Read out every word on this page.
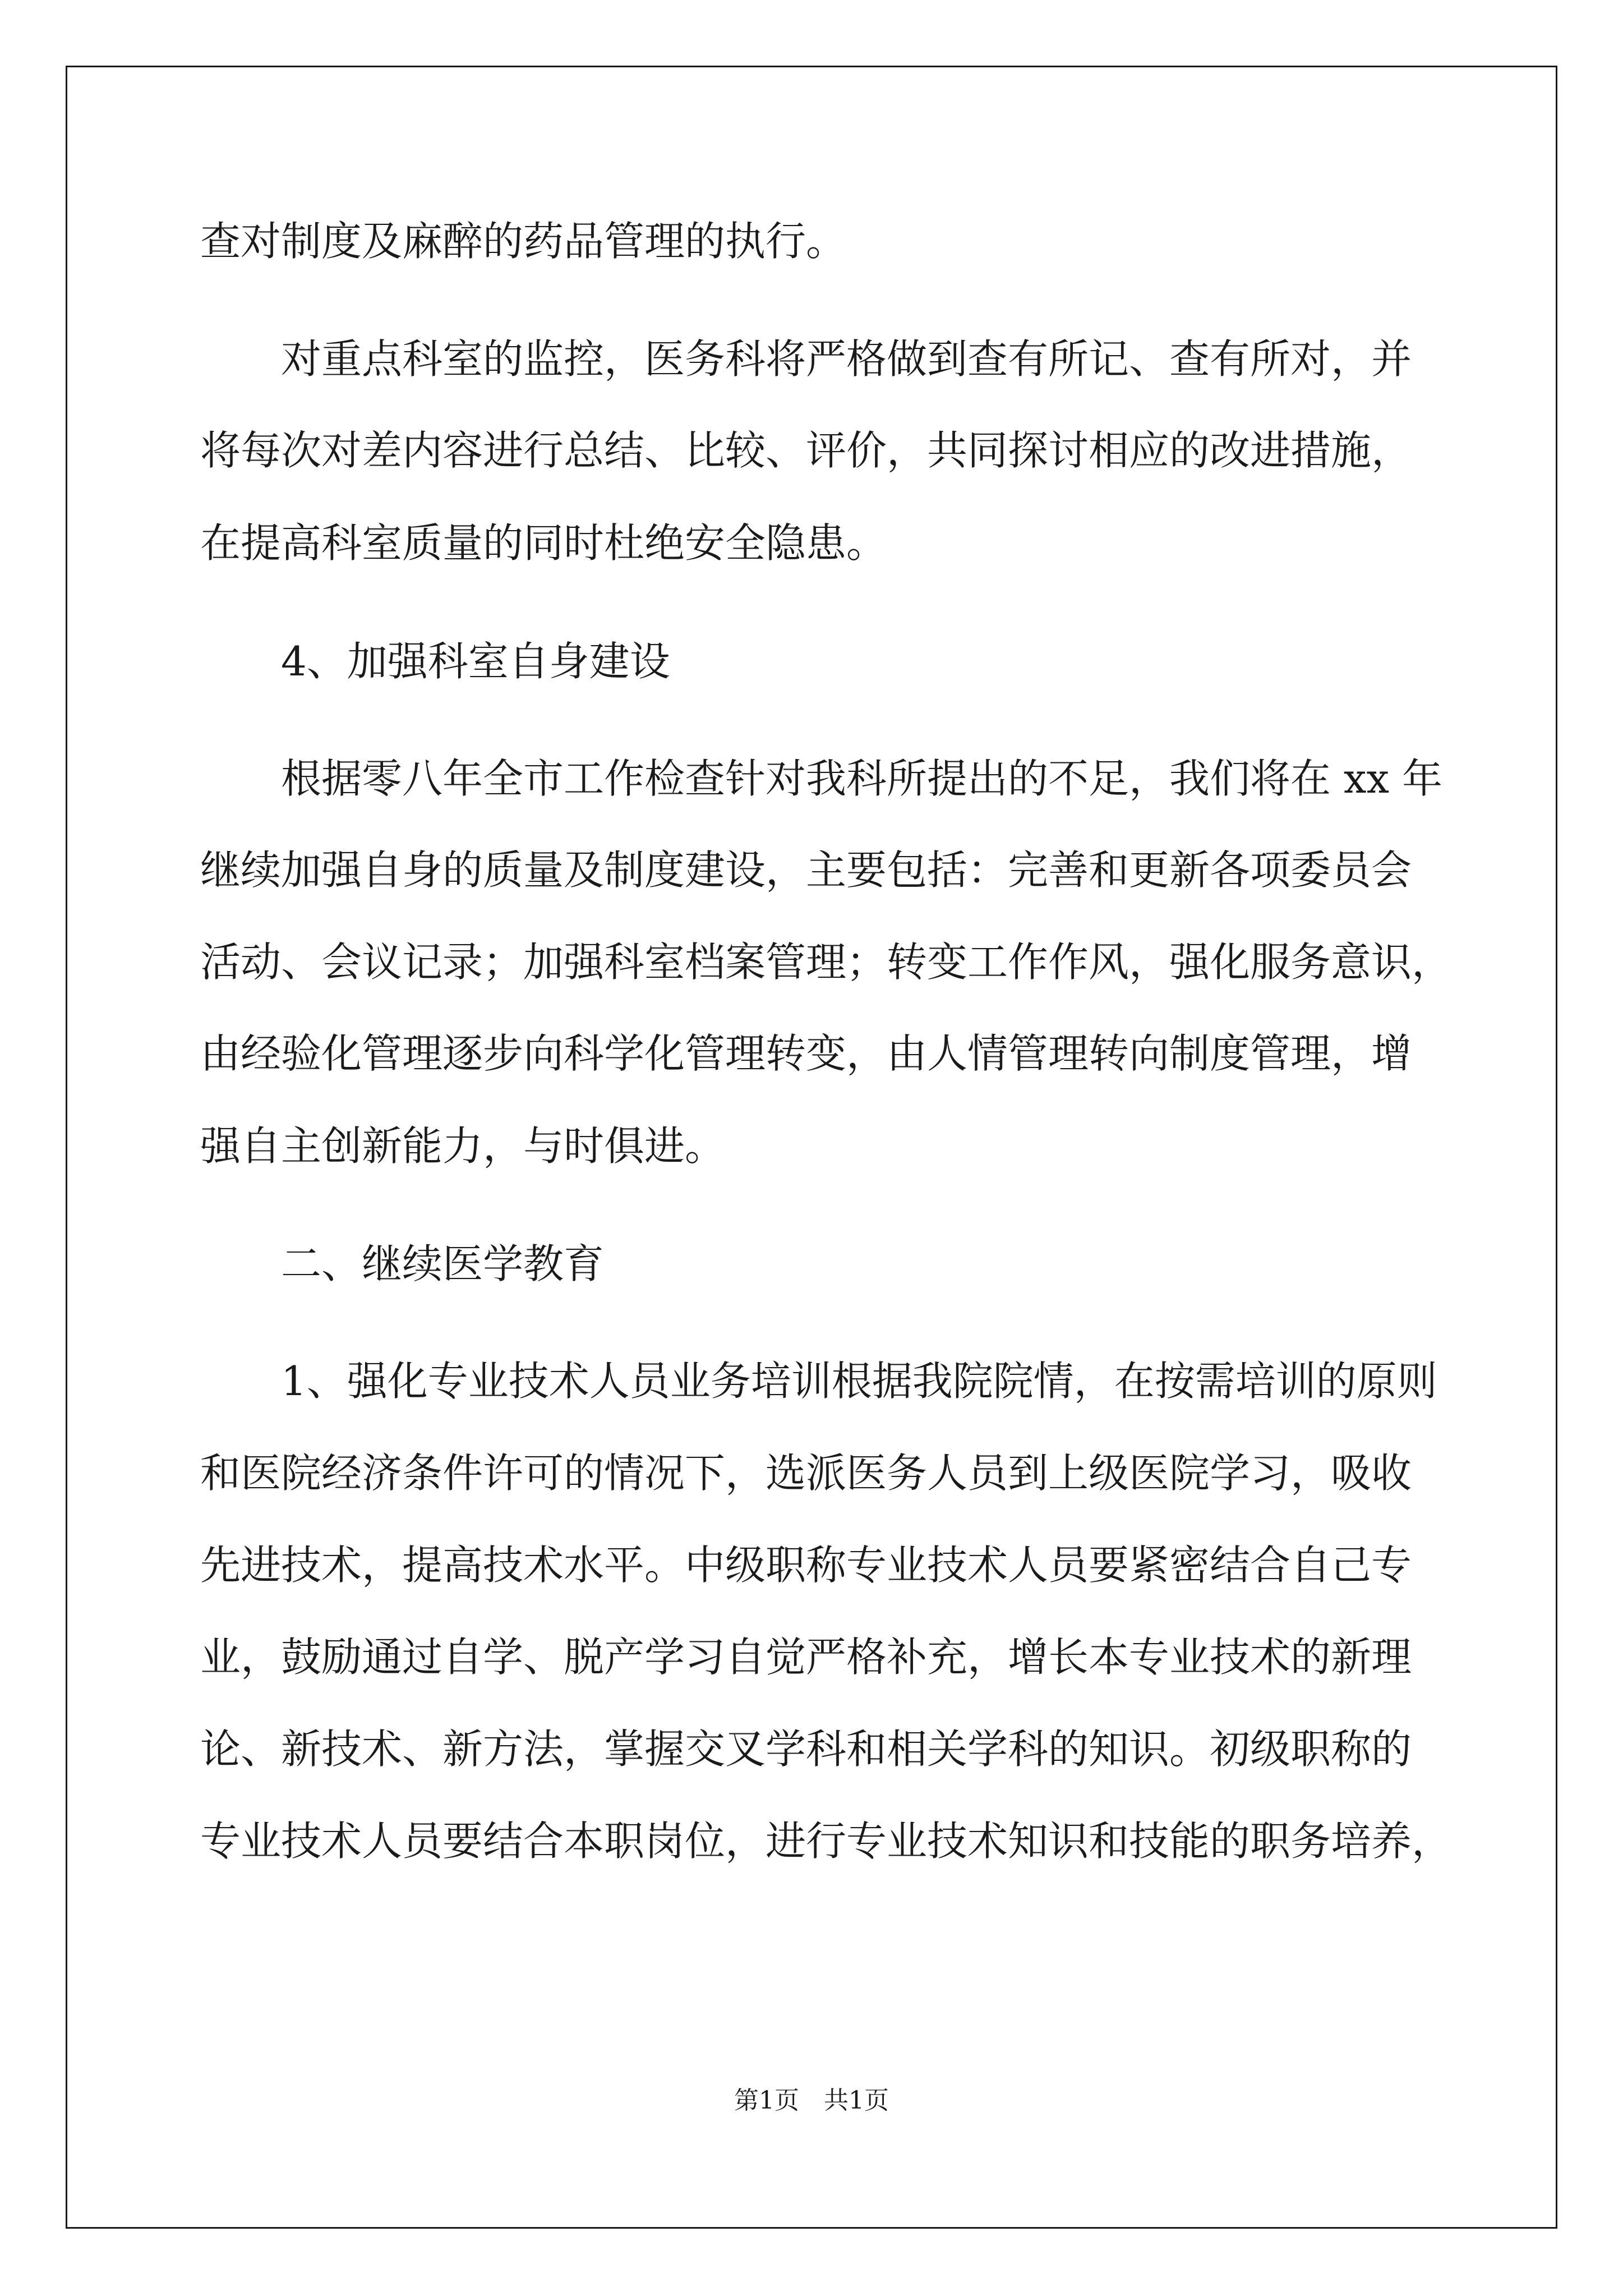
查对制度及麻醉的药品管理的执行。

对重点科室的监控，医务科将严格做到查有所记、查有所对，并

将每次对差内容进行总结、比较、评价，共同探讨相应的改进措施，

在提高科室质量的同时杜绝安全隐患。

4、加强科室自身建设

根据零八年全市工作检查针对我科所提出的不足，我们将在 xx 年

继续加强自身的质量及制度建设，主要包括：完善和更新各项委员会

活动、会议记录；加强科室档案管理；转变工作作风，强化服务意识，

由经验化管理逐步向科学化管理转变，由人情管理转向制度管理，增

强自主创新能力，与时俱进。

二、继续医学教育

1、强化专业技术人员业务培训根据我院院情，在按需培训的原则

和医院经济条件许可的情况下，选派医务人员到上级医院学习，吸收

先进技术，提高技术水平。中级职称专业技术人员要紧密结合自己专

业，鼓励通过自学、脱产学习自觉严格补充，增长本专业技术的新理

论、新技术、新方法，掌握交叉学科和相关学科的知识。初级职称的

专业技术人员要结合本职岗位，进行专业技术知识和技能的职务培养，

第1页　共1页
